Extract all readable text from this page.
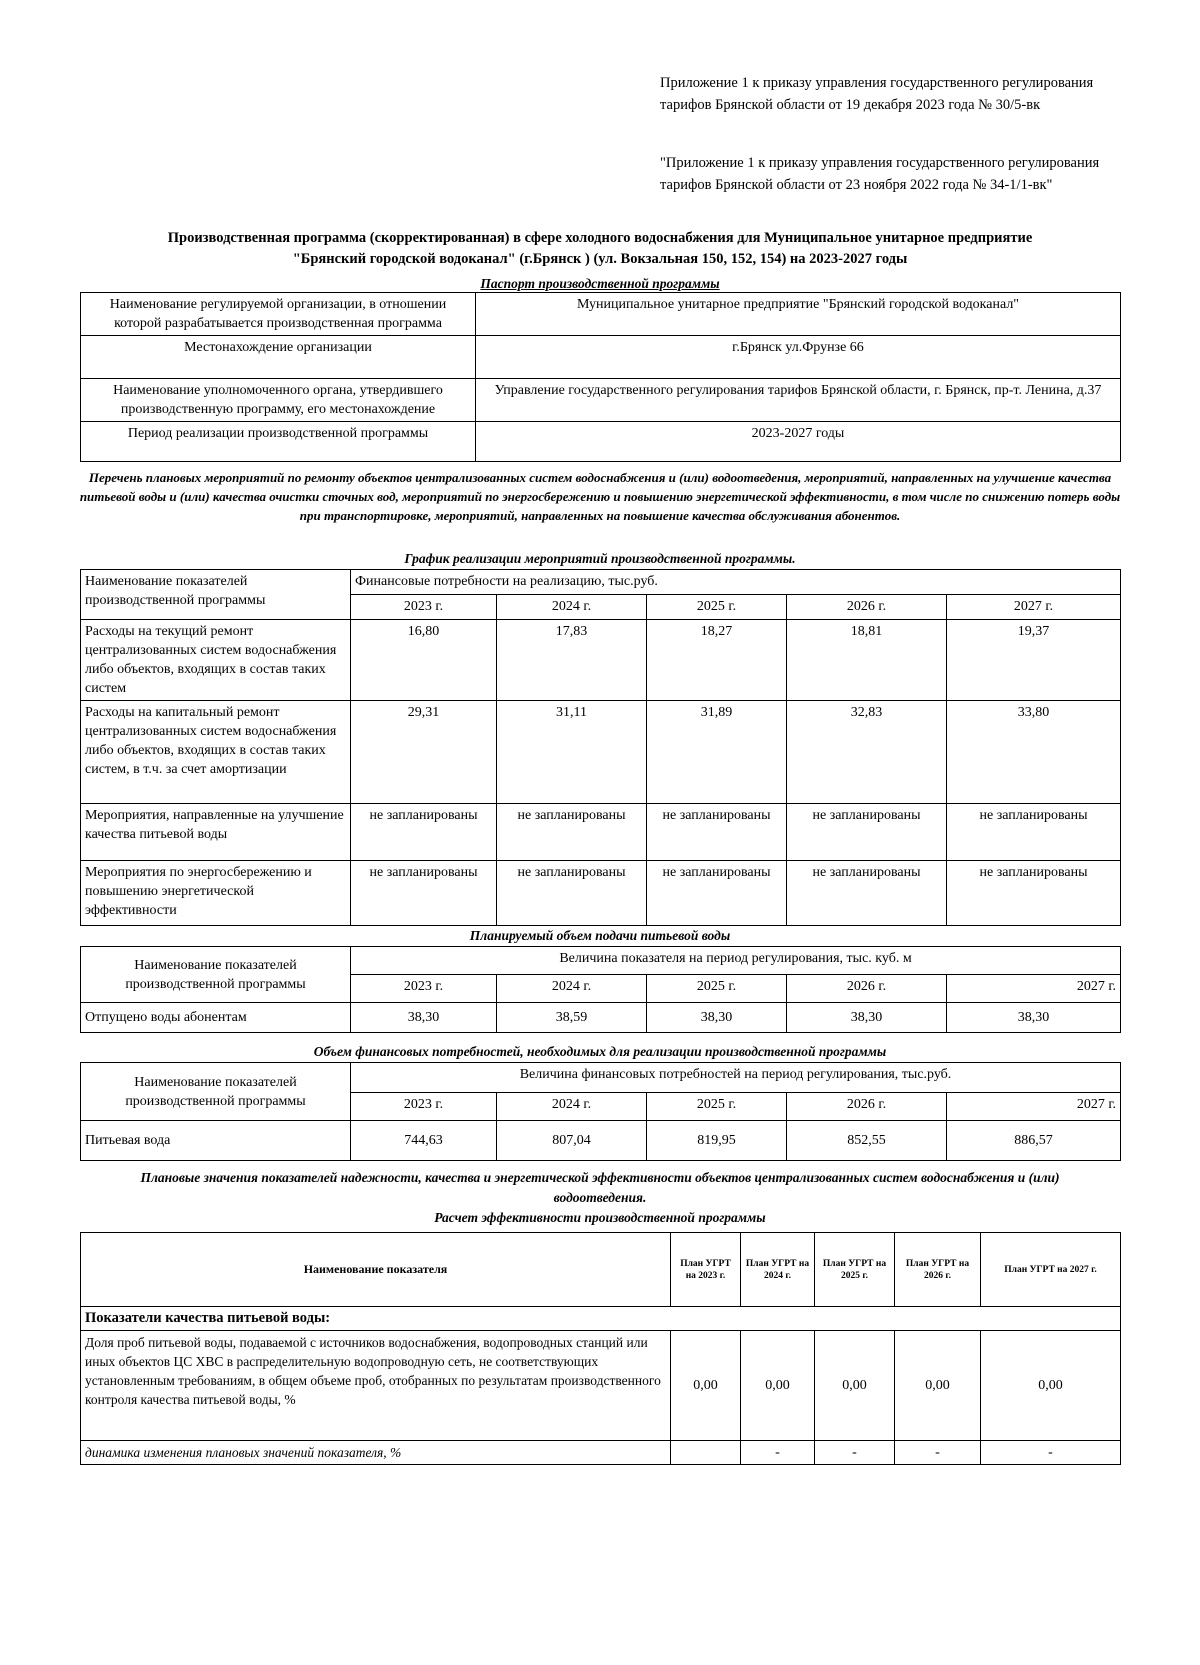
Приложение 1 к приказу управления государственного регулирования тарифов Брянской области от 19 декабря 2023 года № 30/5-вк
"Приложение 1 к приказу управления государственного регулирования тарифов Брянской области от 23 ноября 2022 года № 34-1/1-вк"
Производственная программа (скорректированная) в сфере холодного водоснабжения для Муниципальное унитарное предприятие
"Брянский городской водоканал" (г.Брянск ) (ул. Вокзальная 150, 152, 154) на 2023-2027 годы
Паспорт производственной программы
Наименование регулируемой организации, в отношении которой разрабатывается производственная программа	Муниципальное унитарное предприятие "Брянский городской водоканал"
Местонахождение организации	г.Брянск ул.Фрунзе 66
Наименование уполномоченного органа, утвердившего производственную программу, его местонахождение	Управление государственного регулирования тарифов Брянской области, г. Брянск, пр-т. Ленина, д.37
Период реализации производственной программы	2023-2027 годы
Перечень плановых мероприятий по ремонту объектов централизованных систем водоснабжения и (или) водоотведения, мероприятий, направленных на улучшение качества питьевой воды и (или) качества очистки сточных вод, мероприятий по энергосбережению и повышению энергетической эффективности, в том числе по снижению потерь воды при транспортировке, мероприятий, направленных на повышение качества обслуживания абонентов.
График реализации мероприятий производственной программы.
Наименование показателей производственной программы	Финансовые потребности на реализацию, тыс.руб.				
	2023 г.	2024 г.	2025 г.	2026 г.	2027 г.
Расходы на текущий ремонт централизованных систем водоснабжения либо объектов, входящих в состав таких систем	16,80	17,83	18,27	18,81	19,37
Расходы на капитальный ремонт централизованных систем водоснабжения либо объектов, входящих в состав таких систем, в т.ч. за счет амортизации	29,31	31,11	31,89	32,83	33,80
Мероприятия, направленные на улучшение качества питьевой воды	не запланированы	не запланированы	не запланированы	не запланированы	не запланированы
Мероприятия по энергосбережению и повышению энергетической эффективности	не запланированы	не запланированы	не запланированы	не запланированы	не запланированы
Планируемый объем подачи питьевой воды
Наименование показателей производственной программы	Величина показателя на период регулирования, тыс. куб. м				
	2023 г.	2024 г.	2025 г.	2026 г.	2027 г.
Отпущено воды абонентам	38,30	38,59	38,30	38,30	38,30
Объем финансовых потребностей, необходимых для реализации производственной программы
Наименование показателей производственной программы	Величина финансовых потребностей на период регулирования, тыс.руб.				
	2023 г.	2024 г.	2025 г.	2026 г.	2027 г.
Питьевая вода	744,63	807,04	819,95	852,55	886,57
Плановые значения показателей надежности, качества и энергетической эффективности объектов централизованных систем водоснабжения и (или) водоотведения.
Расчет эффективности производственной программы
Наименование показателя	План УГРТ на 2023 г.	План УГРТ на 2024 г.	План УГРТ на 2025 г.	План УГРТ на 2026 г.	План УГРТ на 2027 г.
Показатели качества питьевой воды:					
Доля проб питьевой воды, подаваемой с источников водоснабжения, водопроводных станций или иных объектов ЦС ХВС в распределительную водопроводную сеть, не соответствующих установленным требованиям, в общем объеме проб, отобранных по результатам производственного контроля качества питьевой воды, %	0,00	0,00	0,00	0,00	0,00
динамика изменения плановых значений показателя, %		-	-	-	-
